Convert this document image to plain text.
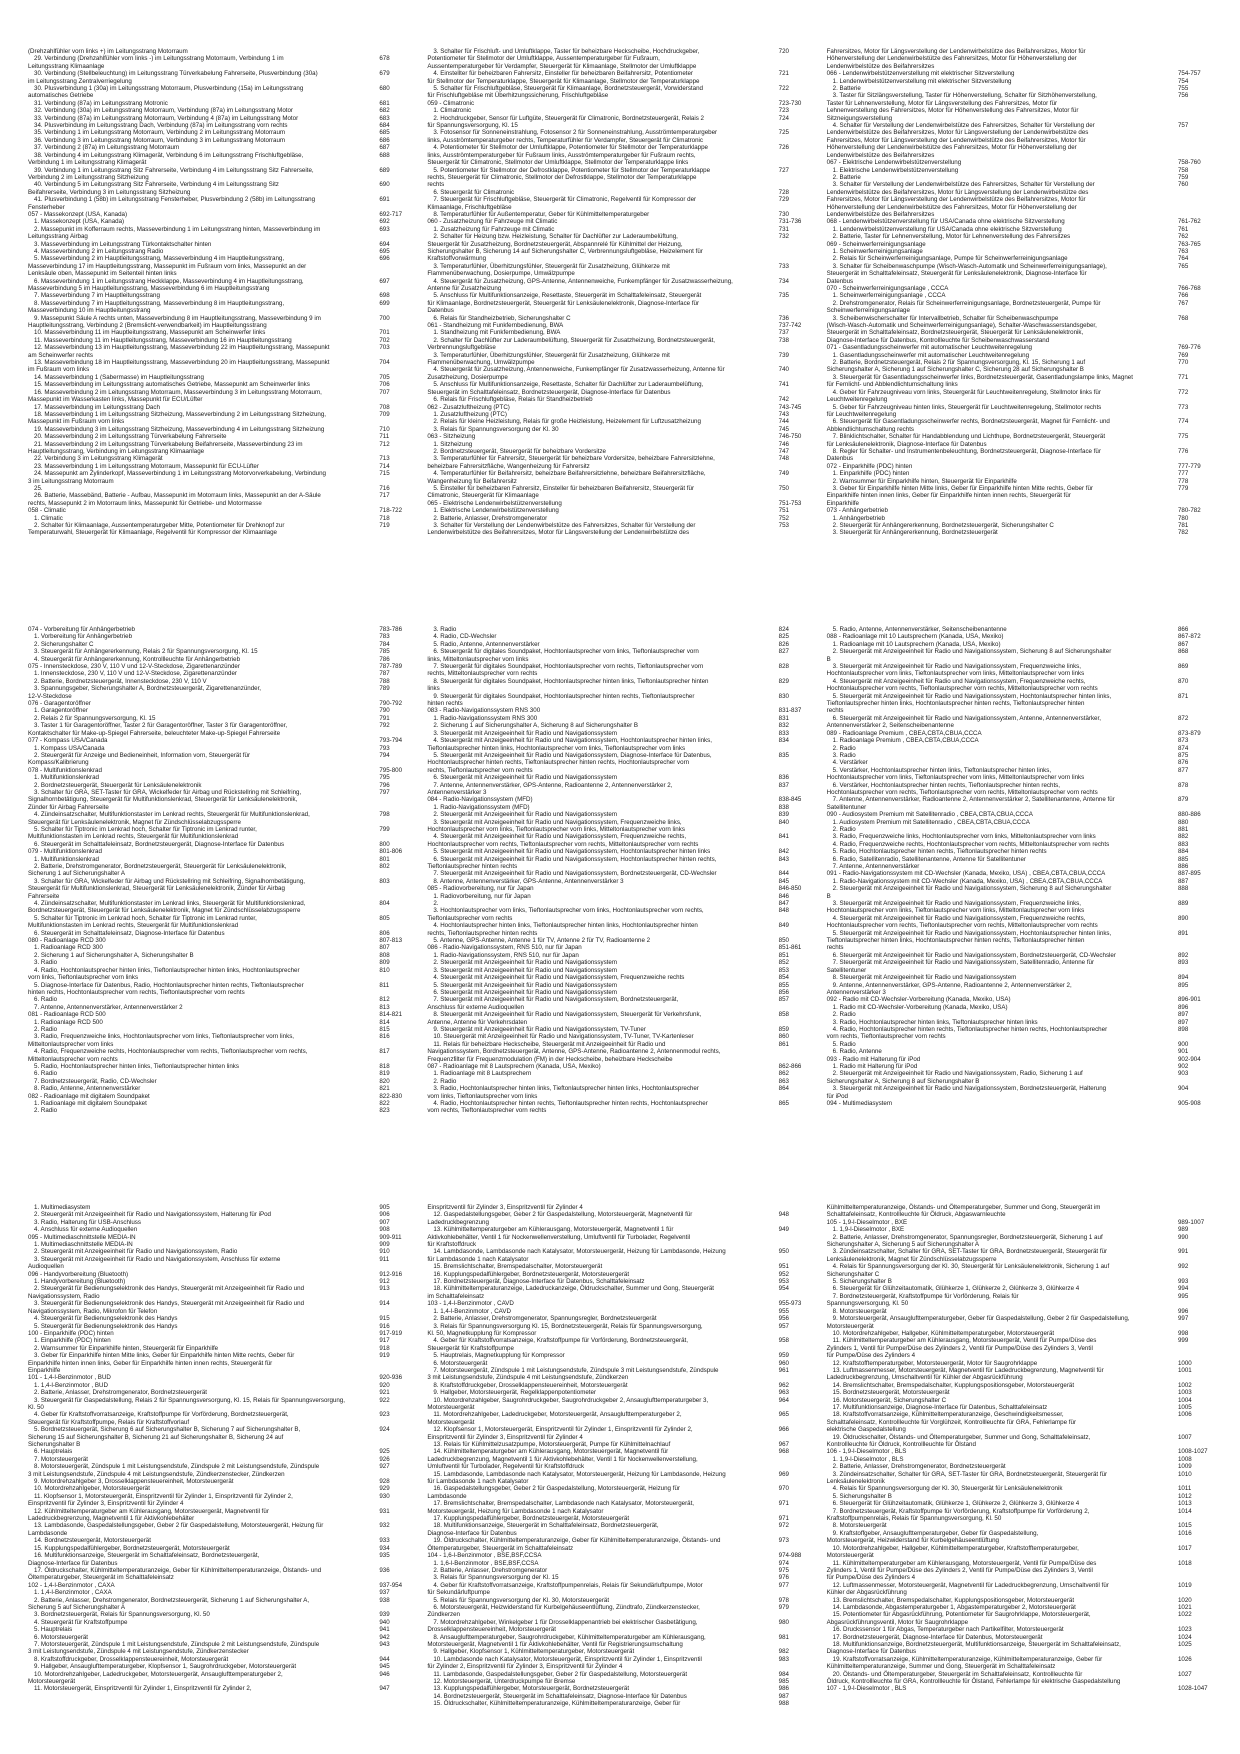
(Drehzahlfühler vorn links +) im Leitungsstrang Motorraum
29. Verbindung (Drehzahlfühler vorn links -) im Leitungsstrang Motorraum, Verbindung 1 im	678
Leitungsstrang Klimaanlage
30. Verbindung (Stellbeleuchtung) im Leitungsstrang Türverkabelung Fahrerseite, Plusverbindung (30a)	679
im Leitungsstrang Zentralverriegelung
30. Plusverbindung 1 (30a) im Leitungsstrang Motorraum, Plusverbindung (15a) im Leitungsstrang	680
automatisches Getriebe
31. Verbindung (87a) im Leitungsstrang Motronic	681
32. Verbindung (30a) im Leitungsstrang Motorraum, Verbindung (87a) im Leitungsstrang Motor	682
33. Verbindung (87a) im Leitungsstrang Motorraum, Verbindung 4 (87a) im Leitungsstrang Motor	683
34. Plusverbindung im Leitungsstrang Dach, Verbindung (87a) im Leitungsstrang vorn rechts	684
35. Verbindung 1 im Leitungsstrang Motorraum, Verbindung 2 im Leitungsstrang Motorraum	685
36. Verbindung 3 im Leitungsstrang Motorraum, Verbindung 3 im Leitungsstrang Motorraum	686
37. Verbindung 2 (87a) im Leitungsstrang Motorraum	687
38. Verbindung 4 im Leitungsstrang Klimagerät, Verbindung 6 im Leitungsstrang Frischluftgebläse,	688
Verbindung 1 im Leitungsstrang Klimagerät
39. Verbindung 1 im Leitungsstrang Sitz Fahrerseite, Verbindung 4 im Leitungsstrang Sitz Fahrerseite,	689
Verbindung 2 im Leitungsstrang Sitzheizung
40. Verbindung 5 im Leitungsstrang Sitz Fahrerseite, Verbindung 4 im Leitungsstrang Sitz	690
Beifahrerseite, Verbindung 3 im Leitungsstrang Sitzheizung
41. Plusverbindung 1 (58b) im Leitungsstrang Fensterheber, Plusverbindung 2 (58b) im Leitungsstrang	691
Fensterheber
057 - Massekonzept (USA, Kanada)	692-717
1. Massekonzept (USA, Kanada)	692
2. Massepunkt im Kofferraum rechts, Masseverbindung 1 im Leitungsstrang hinten, Masseverbindung im	693
Leitungsstrang Airbag
3. Masseverbindung im Leitungsstrang Türkontaktschalter hinten	694
4. Masseverbindung 2 im Leitungsstrang Radio	695
5. Masseverbindung 2 im Hauptleitungsstrang, Masseverbindung 4 im Hauptleitungsstrang,	696
Masseverbindung 17 im Hauptleitungsstrang, Massepunkt im Fußraum vorn links, Massepunkt an der
Lenksäule oben, Massepunkt im Seitenteil hinten links
6. Masseverbindung 1 im Leitungsstrang Heckklappe, Masseverbindung 4 im Hauptleitungsstrang,	697
Masseverbindung 5 im Hauptleitungsstrang, Masseverbindung 6 im Hauptleitungsstrang
7. Masseverbindung 7 im Hauptleitungsstrang	698
8. Masseverbindung 7 im Hauptleitungsstrang, Masseverbindung 8 im Hauptleitungsstrang,	699
Masseverbindung 10 im Hauptleitungsstrang
9. Massepunkt Säule A rechts unten, Masseverbindung 8 im Hauptleitungsstrang, Masseverbindung 9 im	700
Hauptleitungsstrang, Verbindung 2 (Bremslicht-verwendbarkeit) im Hauptleitungsstrang
10. Masseverbindung 11 im Hauptleitungsstrang, Massepunkt am Scheinwerfer links	701
11. Masseverbindung 11 im Hauptleitungsstrang, Masseverbindung 16 im Hauptleitungsstrang	702
12. Masseverbindung 13 im Hauptleitungsstrang, Masseverbindung 22 im Hauptleitungsstrang, Massepunkt	703
am Scheinwerfer rechts
13. Masseverbindung 18 im Hauptleitungsstrang, Masseverbindung 20 im Hauptleitungsstrang, Massepunkt	704
im Fußraum vorn links
14. Masseverbindung 1 (Sabermasse) im Hauptleitungsstrang	705
15. Masseverbindung im Leitungsstrang automatisches Getriebe, Massepunkt am Scheinwerfer links	706
16. Masseverbindung 2 im Leitungsstrang Motorraum, Masseverbindung 3 im Leitungsstrang Motorraum,	707
Massepunkt im Wasserkasten links, Massepunkt für ECU/Lüfter
17. Masseverbindung im Leitungsstrang Dach	708
18. Masseverbindung 1 im Leitungsstrang Sitzheizung, Masseverbindung 2 im Leitungsstrang Sitzheizung,	709
Massepunkt im Fußraum vorn links
19. Masseverbindung 3 im Leitungsstrang Sitzheizung, Masseverbindung 4 im Leitungsstrang Sitzheizung	710
20. Masseverbindung 2 im Leitungsstrang Türverkabelung Fahrerseite	711
21. Masseverbindung 2 im Leitungsstrang Türverkabelung Beifahrerseite, Masseverbindung 23 im	712
Hauptleitungsstrang, Verbindung im Leitungsstrang Klimaanlage
22. Verbindung 3 im Leitungsstrang Klimagerät	713
23. Masseverbindung 1 im Leitungsstrang Motorraum, Massepunkt für ECU-Lüfter	714
24. Massepunkt am Zylinderkopf, Masseverbindung 1 im Leitungsstrang Motorvorverkabelung, Verbindung	715
3 im Leitungsstrang Motorraum
25.	716
26. Batterie, Massebänd, Batterie - Aufbau, Massepunkt im Motorraum links, Massepunkt an der A-Säule	717
rechts, Massepunkt 2 im Motorraum links, Massepunkt für Getriebe- und Motormasse
058 - Climatic	718-722
1. Climatic	718
2. Schalter für Klimaanlage, Aussentemperaturgeber Mitte, Potentiometer für Drehknopf zur	719
Temperaturwahl, Steuergerät für Klimaanlage, Regelventil für Kompressor der Klimaanlage
3. Schalter für Frischluft- und Umluftklappe, Taster für beheizbare Heckscheibe, Hochdruckgeber,	720
Potentiometer für Stellmotor der Umluftklappe, Aussentemperaturgeber für Fußraum,
Aussentemperaturgeber für Verdampfer, Steuergerät für Klimaanlage, Stellmotor der Umluftklappe
4. Einstellter für beheizbaren Fahrersitz, Einsteller für beheizbaren Beifahrersitz, Potentiometer	721
für Stellmotor der Temperaturklappe, Steuergerät für Klimaanlage, Stellmotor der Temperaturklappe
5. Schalter für Frischluftgebläse, Steuergerät für Klimaanlage, Bordnetzsteuergerät, Vorwiderstand	722
für Frischluftgebläse mit Überhitzungssicherung, Frischluftgebläse
059 - Climatronic	723-730
1. Climatronic	723
2. Hochdruckgeber, Sensor für Luftgüte, Steuergerät für Climatronic, Bordnetzsteuergerät, Relais 2	724
für Spannungsversorgung, Kl. 15
3. Fotosensor für Sonneneinstrahlung, Fotosensor 2 für Sonneneinstrahlung, Ausströmtemperaturgeber	725
links, Ausströmtemperaturgeber rechts, Temperaturfühler für Verdampfer, Steuergerät für Climatronic
4. Potentiometer für Stellmotor der Umluftklappe, Potentiometer für Stellmotor der Temperaturklappe	726
links, Ausströmtemperaturgeber für Fußraum links, Ausströmtemperaturgeber für Fußraum rechts,
Steuergerät für Climatronic, Stellmotor der Umluftklappe, Stellmotor der Temperaturklappe links
5. Potentiometer für Stellmotor der Defrostklappe, Potentiometer für Stellmotor der Temperaturklappe	727
rechts, Steuergerät für Climatronic, Stellmotor der Defrostklappe, Stellmotor der Temperaturklappe
rechts
6. Steuergerät für Climatronic	728
7. Steuergerät für Frischluftgebläse, Steuergerät für Climatronic, Regelventil für Kompressor der	729
Klimaanlage, Frischluftgebläse
8. Temperaturfühler für Außentemperatur, Geber für Kühlmitteltemperaturgeber	730
060 - Zusatzheizung für Fahrzeuge mit Climatic	731-736
1. Zusatzheizung für Fahrzeuge mit Climatic	731
2. Schalter für Heizung bzw. Heizleistung, Schalter für Dachlüfter zur Laderaumbelüftung,	732
Steuergerät für Zusatzheizung, Bordnetzsteuergerät, Abspannrelé für Kühlmittel der Heizung,
Sicherungshalter B, Sicherung 14 auf Sicherungshalter C, Verbrennungsluftgebläse, Heizelement für
Kraftstoffvorwärmung
3. Temperaturfühler, Überhitzungsfühler, Steuergerät für Zusatzheizung, Glühkerze mit	733
Flammenüberwachung, Dosierpumpe, Umwälzpumpe
4. Steuergerät für Zusatzheizung, GPS-Antenne, Antennenweiche, Funkempfänger für Zusatzwasserheizung,	734
Antenne für Zusatzheizung
5. Anschluss für Multifunktionsanzeige, Resettaste, Steuergerät im Schalttafeleinsatz, Steuergerät	735
für Klimaanlage, Bordnetzsteuergerät, Steuergerät für Lenksäulenelektronik, Diagnose-Interface für
Datenbus
6. Relais für Standheizbetrieb, Sicherungshalter C	736
061 - Standheizung mit Funkfernbedienung, BWA	737-742
1. Standheizung mit Funkfernbedienung, BWA	737
2. Schalter für Dachlüfter zur Laderaumbelüftung, Steuergerät für Zusatzheizung, Bordnetzsteuergerät,	738
Verbrennungsluftgebläse
3. Temperaturfühler, Überhitzungsfühler, Steuergerät für Zusatzheizung, Glühkerze mit	739
Flammenüberwachung, Umwälzpumpe
4. Steuergerät für Zusatzheizung, Antennenweiche, Funkempfänger für Zusatzwasserheizung, Antenne für	740
Zusatzheizung, Dosierpumpe
5. Anschluss für Multifunktionsanzeige, Resettaste, Schalter für Dachlüfter zur Laderaumbelüftung,	741
Steuergerät im Schalttafeleinsatz, Bordnetzsteuergerät, Diagnose-Interface für Datenbus
6. Relais für Frischluftgebläse, Relais für Standheizbetrieb	742
062 - Zusatzluftheizung (PTC)	743-745
1. Zusatzluftheizung (PTC)	743
2. Relais für kleine Heizleistung, Relais für große Heizleistung, Heizelement für Luftzusatzheizung	744
3. Relais für Spannungsversorgung der Kl. 30	745
063 - Sitzheizung	746-750
1. Sitzheizung	746
2. Bordnetzsteuergerät, Steuergerät für beheizbare Vordersitze	747
3. Temperaturfühler für Fahrersitz, Steuergerät für beheizbare Vordersitze, beheizbare Fahrersitzlehne,	748
beheizbare Fahrersitzfläche, Wangenheizung für Fahrersitz
4. Temperaturfühler für Beifahrersitz, beheizbare Beifahrersitzlehne, beheizbare Beifahrersitzfläche,	749
Wangenheizung für Beifahrersitz
5. Einsteller für beheizbaren Fahrersitz, Einsteller für beheizbaren Beifahrersitz, Steuergerät für	750
Climatronic, Steuergerät für Klimaanlage
065 - Elektrische Lendenwirbelstützenverstellung	751-753
1. Elektrische Lendenwirbelstützenverstellung	751
2. Batterie, Anlasser, Drehstromgenerator	752
3. Schalter für Verstellung der Lendenwirbelstütze des Fahrersitzes, Schalter für Verstellung der	753
Lendenwirbelstütze des Beifahrersitzes, Motor für Längsverstellung der Lendenwirbelstütze des
Fahrersitzes, Motor für Längsverstellung der Lendenwirbelstütze des Beifahrersitzes, Motor für
Höhenverstellung der Lendenwirbelstütze des Fahrersitzes, Motor für Höhenverstellung der
Lendenwirbelstütze des Beifahrersitzes
066 - Lendenwirbelstützenverstellung mit elektrischer Sitzverstellung	754-757
1. Lendenwirbelstützenverstellung mit elektrischer Sitzverstellung	754
2. Batterie	755
3. Taster für Sitzlängsverstellung, Taster für Höhenverstellung, Schalter für Sitzhöhenverstellung,	756
Taster für Lehnenverstellung, Motor für Längsverstellung des Fahrersitzes, Motor für
Lehnenverstellung des Fahrersitzes, Motor für Höhenverstellung des Fahrersitzes, Motor für
Sitzneigungsverstellung
4. Schalter für Verstellung der Lendenwirbelstütze des Fahrersitzes, Schalter für Verstellung der	757
Lendenwirbelstütze des Beifahrersitzes, Motor für Längsverstellung der Lendenwirbelstütze des
Fahrersitzes, Motor für Längsverstellung der Lendenwirbelstütze des Beifahrersitzes, Motor für
Höhenverstellung der Lendenwirbelstütze des Fahrersitzes, Motor für Höhenverstellung der
Lendenwirbelstütze des Beifahrersitzes
067 - Elektrische Lendenwirbelstützenverstellung	758-760
1. Elektrische Lendenwirbelstützenverstellung	758
2. Batterie	759
3. Schalter für Verstellung der Lendenwirbelstütze des Fahrersitzes, Schalter für Verstellung der	760
Lendenwirbelstütze des Beifahrersitzes, Motor für Längsverstellung der Lendenwirbelstütze des
Fahrersitzes, Motor für Längsverstellung der Lendenwirbelstütze des Beifahrersitzes, Motor für
Höhenverstellung der Lendenwirbelstütze des Fahrersitzes, Motor für Höhenverstellung der
Lendenwirbelstütze des Beifahrersitzes
068 - Lendenwirbelstützenverstellung für USA/Canada ohne elektrische Sitzverstellung	761-762
1. Lendenwirbelstützenverstellung für USA/Canada ohne elektrische Sitzverstellung	761
2. Batterie, Taster für Lehnenverstellung, Motor für Lehnenverstellung des Fahrersitzes	762
069 - Scheinwerferreinigungsanlage	763-765
1. Scheinwerferreinigungsanlage	763
2. Relais für Scheinwerferreinigungsanlage, Pumpe für Scheinwerferreinigungsanlage	764
3. Schalter für Scheibenwaschpumpe (Wisch-Wasch-Automatik und Scheinwerferreinigungsanlage),	765
Steuergerät im Schalttafeleinsatz, Steuergerät für Lenksäulenelektronik, Diagnose-Interface für
Datenbus
070 - Scheinwerferreinigungsanlage , CCCA	766-768
1. Scheinwerferreinigungsanlage , CCCA	766
2. Drehstromgenerator, Relais für Scheinwerferreinigungsanlage, Bordnetzsteuergerät, Pumpe für	767
Scheinwerferreinigungsanlage
3. Scheibenwischerschalter für Intervallbetrieb, Schalter für Scheibenwaschpumpe	768
(Wisch-Wasch-Automatik und Scheinwerferreinigungsanlage), Schalter-Waschwasserstandsgeber,
Steuergerät im Schalttafeleinsatz, Bordnetzsteuergerät, Steuergerät für Lenksäulenelektronik,
Diagnose-Interface für Datenbus, Kontrollleuchte für Scheibenwaschwasserstand
071 - Gasentladungsscheinwerfer mit automatischer Leuchtweitenregelung	769-776
1. Gasentladungsscheinwerfer mit automatischer Leuchtweitenregelung	769
2. Batterie, Bordnetzsteuergerät, Relais 2 für Spannungsversorgung, Kl. 15, Sicherung 1 auf	770
Sicherungshalter A, Sicherung 1 auf Sicherungshalter C, Sicherung 28 auf Sicherungshalter B
3. Steuergerät für Gasentladungsscheinwerfer links, Bordnetzsteuergerät, Gasentladungslampe links, Magnet	771
für Fernlicht- und Abblendlichtumschaltung links
4. Geber für Fahrzeugniveau vorn links, Steuergerät für Leuchtweitenregelung, Stellmotor links für	772
Leuchtweitenregelung
5. Geber für Fahrzeugniveau hinten links, Steuergerät für Leuchtweitenregelung, Stellmotor rechts	773
für Leuchtweitenregelung
6. Steuergerät für Gasentladungsscheinwerfer rechts, Bordnetzsteuergerät, Magnet für Fernlicht- und	774
Abblendlichtumschaltung rechts
7. Blinklichtschalter, Schalter für Handabblendung und Lichthupe, Bordnetzsteuergerät, Steuergerät	775
für Lenksäulenelektronik, Diagnose-Interface für Datenbus
8. Regler für Schalter- und Instrumentenbeleuchtung, Bordnetzsteuergerät, Diagnose-Interface für	776
Datenbus
072 - Einparkhilfe (PDC) hinten	777-779
1. Einparkhilfe (PDC) hinten	777
2. Warnsummer für Einparkhilfe hinten, Steuergerät für Einparkhilfe	778
3. Geber für Einparkhilfe hinten Mitte links, Geber für Einparkhilfe hinten Mitte rechts, Geber für	779
Einparkhilfe hinten innen links, Geber für Einparkhilfe hinten innen rechts, Steuergerät für
Einparkhilfe
073 - Anhängerbetrieb	780-782
1. Anhängerbetrieb	780
2. Steuergerät für Anhängererkennung, Bordnetzsteuergerät, Sicherungshalter C	781
3. Steuergerät für Anhängererkennung, Bordnetzsteuergerät	782
074 - Vorbereitung für Anhängerbetrieb	783-786
1. Vorbereitung für Anhängerbetrieb	783
2. Sicherungshalter C	784
3. Steuergerät für Anhängererkennung, Relais 2 für Spannungsversorgung, Kl. 15	785
4. Steuergerät für Anhängererkennung, Kontrollleuchte für Anhängerbetrieb	786
075 - Innensteckdose, 230 V, 110 V und 12-V-Steckdose, Zigarettenanzünder	787-789
1. Innensteckdose, 230 V, 110 V und 12-V-Steckdose, Zigarettenanzünder	787
2. Batterie, Bordnetzsteuergerät, Innensteckdose, 230 V, 110 V	788
3. Spannungsgeber, Sicherungshalter A, Bordnetzsteuergerät, Zigarettenanzünder,	789
12-V-Steckdose
076 - Garagentoröffner	790-792
1. Garagentoröffner	790
2. Relais 2 für Spannungsversorgung, Kl. 15	791
3. Taster 1 für Garagentoröffner, Taster 2 für Garagentoröffner, Taster 3 für Garagentoröffner,	792
Kontaktschalter für Make-up-Spiegel Fahrerseite, beleuchteter Make-up-Spiegel Fahrerseite
077 - Kompass USA/Canada	793-794
1. Kompass USA/Canada	793
2. Steuergerät für Anzeige und Bedieneinheit, Information vorn, Steuergerät für	794
Kompass/Kalibrierung
078 - Multifunktionslenkrad	795-800
1. Multifunktionslenkrad	795
2. Bordnetzsteuergerät, Steuergerät für Lenksäulenelektronik	796
3. Schalter für GRA, SET-Taster für GRA, Wickelfeder für Airbag und Rückstellring mit Schleifring,	797
Signalhornbetätigung, Steuergerät für Multifunktionslenkrad, Steuergerät für Lenksäulenelektronik,
Zünder für Airbag Fahrerseite
4. Zündeinsatzschalter, Multifunktionstaster im Lenkrad rechts, Steuergerät für Multifunktionslenkrad,	798
Steuergerät für Lenksäulenelektronik, Magnet für Zündschlüsselabzugssperre
5. Schalter für Tiptronic im Lenkrad hoch, Schalter für Tiptronic im Lenkrad runter,	799
Multifunktionstasten im Lenkrad rechts, Steuergerät für Multifunktionslenkrad
6. Steuergerät im Schalttafeleinsatz, Bordnetzsteuergerät, Diagnose-Interface für Datenbus	800
079 - Multifunktionslenkrad	801-806
1. Multifunktionslenkrad	801
2. Batterie, Drehstromgenerator, Bordnetzsteuergerät, Steuergerät für Lenksäulenelektronik,	802
Sicherung 1 auf Sicherungshalter A
3. Schalter für GRA, Wickelfeder für Airbag und Rückstellring mit Schleifring, Signalhornbetätigung,	803
Steuergerät für Multifunktionslenkrad, Steuergerät für Lenksäulenelektronik, Zünder für Airbag
Fahrerseite
4. Zündeinsatzschalter, Multifunktionstaster im Lenkrad links, Steuergerät für Multifunktionslenkrad,	804
Bordnetzsteuergerät, Steuergerät für Lenksäulenelektronik, Magnet für Zündschlüsselabzugssperre
5. Schalter für Tiptronic im Lenkrad hoch, Schalter für Tiptronic im Lenkrad runter,	805
Multifunktionstasten im Lenkrad rechts, Steuergerät für Multifunktionslenkrad
6. Steuergerät im Schalttafeleinsatz, Diagnose-Interface für Datenbus	806
080 - Radioanlage RCD 300	807-813
1. Radioanlage RCD 300	807
2. Sicherung 1 auf Sicherungshalter A, Sicherungshalter B	808
3. Radio	809
4. Radio, Hochtonlautsprecher hinten links, Tieftonlautsprecher hinten links, Hochtonlautsprecher	810
vorn links, Tieftonlautsprecher vorn links
5. Diagnose-Interface für Datenbus, Radio, Hochtonlautsprecher hinten rechts, Tieftonlautsprecher	811
hinten rechts, Hochtonlautsprecher vorn rechts, Tieftonlautsprecher vorn rechts
6. Radio	812
7. Antenne, Antennenverstärker, Antennenverstärker 2	813
081 - Radioanlage RCD 500	814-821
1. Radioanlage RCD 500	814
2. Radio	815
3. Radio, Frequenzweiche links, Hochtonlautsprecher vorn links, Tieftonlautsprecher vorn links,	816
Mitteltonlautsprecher vorn links
4. Radio, Frequenzweiche rechts, Hochtonlautsprecher vorn rechts, Tieftonlautsprecher vorn rechts,	817
Mitteltonlautsprecher vorn rechts
5. Radio, Hochtonlautsprecher hinten links, Tieftonlautsprecher hinten links	818
6. Radio	819
7. Bordnetzsteuergerät, Radio, CD-Wechsler	820
8. Radio, Antenne, Antennenverstärker	821
082 - Radioanlage mit digitalem Soundpaket	822-830
1. Radioanlage mit digitalem Soundpaket	822
2. Radio	823
3. Radio	824
4. Radio, CD-Wechsler	825
5. Radio, Antenne, Antennenverstärker	826
6. Steuergerät für digitales Soundpaket, Hochtonlautsprecher vorn links, Tieftonlautsprecher vorn	827
links, Mitteltonlautsprecher vorn links
7. Steuergerät für digitales Soundpaket, Hochtonlautsprecher vorn rechts, Tieftonlautsprecher vorn	828
rechts, Mitteltonlautsprecher vorn rechts
8. Steuergerät für digitales Soundpaket, Hochtonlautsprecher hinten links, Tieftonlautsprecher hinten	829
links
9. Steuergerät für digitales Soundpaket, Hochtonlautsprecher hinten rechts, Tieftonlautsprecher	830
hinten rechts
083 - Radio-Navigationssystem RNS 300	831-837
1. Radio-Navigationssystem RNS 300	831
2. Sicherung 1 auf Sicherungshalter A, Sicherung 8 auf Sicherungshalter B	832
3. Steuergerät mit Anzeigeeinheit für Radio und Navigationssystem	833
4. Steuergerät mit Anzeigeeinheit für Radio und Navigationssystem, Hochtonlautsprecher hinten links,	834
Tieftonlautsprecher hinten links, Hochtonlautsprecher vorn links, Tieftonlautsprecher vorn links
5. Steuergerät mit Anzeigeeinheit für Radio und Navigationssystem, Diagnose-Interface für Datenbus,	835
Hochtonlautsprecher hinten rechts, Tieftonlautsprecher hinten rechts, Hochtonlautsprecher vorn
rechts, Tieftonlautsprecher vorn rechts
6. Steuergerät mit Anzeigeeinheit für Radio und Navigationssystem	836
7. Antenne, Antennenverstärker, GPS-Antenne, Radioantenne 2, Antennenverstärker 2,	837
Antennenverstärker 3
084 - Radio-Navigationssystem (MFD)	838-845
1. Radio-Navigationssystem (MFD)	838
2. Steuergerät mit Anzeigeeinheit für Radio und Navigationssystem	839
3. Steuergerät mit Anzeigeeinheit für Radio und Navigationssystem, Frequenzweiche links,	840
Hochtonlautsprecher vorn links, Tieftonlautsprecher vorn links, Mitteltonlautsprecher vorn links
4. Steuergerät mit Anzeigeeinheit für Radio und Navigationssystem, Frequenzweiche rechts,	841
Hochtonlautsprecher vorn rechts, Tieftonlautsprecher vorn rechts, Mitteltonlautsprecher vorn rechts
5. Steuergerät mit Anzeigeeinheit für Radio und Navigationssystem, Hochtonlautsprecher hinten links	842
6. Steuergerät mit Anzeigeeinheit für Radio und Navigationssystem, Hochtonlautsprecher hinten rechts,	843
Tieftonlautsprecher hinten rechts
7. Steuergerät mit Anzeigeeinheit für Radio und Navigationssystem, Bordnetzsteuergerät, CD-Wechsler	844
8. Antenne, Antennenverstärker, GPS-Antenne, Antennenverstärker 3	845
085 - Radiovorbereitung, nur für Japan	846-850
1. Radiovorbereitung, nur für Japan	846
2.	847
3. Hochtonlautsprecher vorn links, Tieftonlautsprecher vorn links, Hochtonlautsprecher vorn rechts,	848
Tieftonlautsprecher vorn rechts
4. Hochtonlautsprecher hinten links, Tieftonlautsprecher hinten links, Hochtonlautsprecher hinten	849
rechts, Tieftonlautsprecher hinten rechts
5. Antenne, GPS-Antenne, Antenne 1 für TV, Antenne 2 für TV, Radioantenne 2	850
086 - Radio-Navigationssystem, RNS 510, nur für Japan	851-861
1. Radio-Navigationssystem, RNS 510, nur für Japan	851
2. Steuergerät mit Anzeigeeinheit für Radio und Navigationssystem	852
3. Steuergerät mit Anzeigeeinheit für Radio und Navigationssystem	853
4. Steuergerät mit Anzeigeeinheit für Radio und Navigationssystem, Frequenzweiche rechts	854
5. Steuergerät mit Anzeigeeinheit für Radio und Navigationssystem	855
6. Steuergerät mit Anzeigeeinheit für Radio und Navigationssystem	856
7. Steuergerät mit Anzeigeeinheit für Radio und Navigationssystem, Bordnetzsteuergerät,	857
Anschluss für externe Audioquellen
8. Steuergerät mit Anzeigeeinheit für Radio und Navigationssystem, Steuergerät für Verkehrsfunk,	858
Antenne, Antenne für Verkehrsdaten
9. Steuergerät mit Anzeigeeinheit für Radio und Navigationssystem, TV-Tuner	859
10. Steuergerät mit Anzeigeeinheit für Radio und Navigationssystem, TV-Tuner, TV-Kartenleser	860
11. Relais für beheizbare Heckscheibe, Steuergerät mit Anzeigeeinheit für Radio und	861
Navigationssystem, Bordnetzsteuergerät, Antenne, GPS-Antenne, Radioantenne 2, Antennenmodul rechts,
Frequenzfilter für Frequenzmodulation (FM) in der Heckscheibe, beheizbare Heckscheibe
087 - Radioanlage mit 8 Lautsprechern (Kanada, USA, Mexiko)	862-866
1. Radioanlage mit 8 Lautsprechern	862
2. Radio	863
3. Radio, Hochtonlautsprecher hinten links, Tieftonlautsprecher hinten links, Hochtonlautsprecher	864
vorn links, Tieftonlautsprecher vorn links
4. Radio, Hochtonlautsprecher hinten rechts, Tieftonlautsprecher hinten rechts, Hochtonlautsprecher	865
vorn rechts, Tieftonlautsprecher vorn rechts
5. Radio, Antenne, Antennenverstärker, Seitenscheibenantenne	866
088 - Radioanlage mit 10 Lautsprechern (Kanada, USA, Mexiko)	867-872
1. Radioanlage mit 10 Lautsprechern (Kanada, USA, Mexiko)	867
2. Steuergerät mit Anzeigeeinheit für Radio und Navigationssystem, Sicherung 8 auf Sicherungshalter	868
B
3. Steuergerät mit Anzeigeeinheit für Radio und Navigationssystem, Frequenzweiche links,	869
Hochtonlautsprecher vorn links, Tieftonlautsprecher vorn links, Mitteltonlautsprecher vorn links
4. Steuergerät mit Anzeigeeinheit für Radio und Navigationssystem, Frequenzweiche rechts,	870
Hochtonlautsprecher vorn rechts, Tieftonlautsprecher vorn rechts, Mitteltonlautsprecher vorn rechts
5. Steuergerät mit Anzeigeeinheit für Radio und Navigationssystem, Hochtonlautsprecher hinten links,	871
Tieftonlautsprecher hinten links, Hochtonlautsprecher hinten rechts, Tieftonlautsprecher hinten
rechts
6. Steuergerät mit Anzeigeeinheit für Radio und Navigationssystem, Antenne, Antennenverstärker,	872
Antennenverstärker 2, Seitenscheibenantenne
089 - Radioanlage Premium , CBEA,CBTA,CBUA,CCCA	873-879
1. Radioanlage Premium , CBEA,CBTA,CBUA,CCCA	873
2. Radio	874
3. Radio	875
4. Verstärker	876
5. Verstärker, Hochtonlautsprecher hinten links, Tieftonlautsprecher hinten links,	877
Hochtonlautsprecher vorn links, Tieftonlautsprecher vorn links, Mitteltonlautsprecher vorn links
6. Verstärker, Hochtonlautsprecher hinten rechts, Tieftonlautsprecher hinten rechts,	878
Hochtonlautsprecher vorn rechts, Tieftonlautsprecher vorn rechts, Mitteltonlautsprecher vorn rechts
7. Antenne, Antennenverstärker, Radioantenne 2, Antennenverstärker 2, Satellitenantenne, Antenne für	879
Satellitentuner
090 - Audiosystem Premium mit Satellitenradio , CBEA,CBTA,CBUA,CCCA	880-886
1. Audiosystem Premium mit Satellitenradio , CBEA,CBTA,CBUA,CCCA	880
2. Radio	881
3. Radio, Frequenzweiche links, Hochtonlautsprecher vorn links, Mitteltonlautsprecher vorn links	882
4. Radio, Frequenzweiche rechts, Hochtonlautsprecher vorn rechts, Mitteltonlautsprecher vorn rechts	883
5. Radio, Hochtonlautsprecher hinten rechts, Tieftonlautsprecher hinten rechts	884
6. Radio, Satellitenradio, Satellitenantenne, Antenne für Satellitentuner	885
7. Antenne, Antennenverstärker	886
091 - Radio-Navigationssystem mit CD-Wechsler (Kanada, Mexiko, USA) , CBEA,CBTA,CBUA,CCCA	887-895
1. Radio-Navigationssystem mit CD-Wechsler (Kanada, Mexiko, USA) , CBEA,CBTA,CBUA,CCCA	887
2. Steuergerät mit Anzeigeeinheit für Radio und Navigationssystem, Sicherung 8 auf Sicherungshalter	888
B
3. Steuergerät mit Anzeigeeinheit für Radio und Navigationssystem, Frequenzweiche links,	889
Hochtonlautsprecher vorn links, Tieftonlautsprecher vorn links, Mitteltonlautsprecher vorn links
4. Steuergerät mit Anzeigeeinheit für Radio und Navigationssystem, Frequenzweiche rechts,	890
Hochtonlautsprecher vorn rechts, Tieftonlautsprecher vorn rechts, Mitteltonlautsprecher vorn rechts
5. Steuergerät mit Anzeigeeinheit für Radio und Navigationssystem, Hochtonlautsprecher hinten links,	891
Tieftonlautsprecher hinten links, Hochtonlautsprecher hinten rechts, Tieftonlautsprecher hinten
rechts
6. Steuergerät mit Anzeigeeinheit für Radio und Navigationssystem, Bordnetzsteuergerät, CD-Wechsler	892
7. Steuergerät mit Anzeigeeinheit für Radio und Navigationssystem, Satellitenradio, Antenne für	893
Satellitentuner
8. Steuergerät mit Anzeigeeinheit für Radio und Navigationssystem	894
9. Antenne, Antennenverstärker, GPS-Antenne, Radioantenne 2, Antennenverstärker 2,	895
Antennenverstärker 3
092 - Radio mit CD-Wechsler-Vorbereitung (Kanada, Mexiko, USA)	896-901
1. Radio mit CD-Wechsler-Vorbereitung (Kanada, Mexiko, USA)	896
2. Radio	897
3. Radio, Hochtonlautsprecher hinten links, Tieftonlautsprecher hinten links	897
4. Radio, Hochtonlautsprecher hinten rechts, Tieftonlautsprecher hinten rechts, Hochtonlautsprecher	898
vorn rechts, Tieftonlautsprecher vorn rechts
5. Radio	900
6. Radio, Antenne	901
093 - Radio mit Halterung für iPod	902-904
1. Radio mit Halterung für iPod	902
2. Steuergerät mit Anzeigeeinheit für Radio und Navigationssystem, Radio, Sicherung 1 auf	903
Sicherungshalter A, Sicherung 8 auf Sicherungshalter B
3. Steuergerät mit Anzeigeeinheit für Radio und Navigationssystem, Bordnetzsteuergerät, Halterung	904
für iPod
094 - Multimediasystem	905-908
1. Multimediasystem	905
2. Steuergerät mit Anzeigeeinheit für Radio und Navigationssystem, Halterung für iPod	906
3. Radio, Halterung für USB-Anschluss	907
4. Anschluss für externe Audioquellen	908
095 - Multimediaschnittstelle MEDIA-IN	909-911
1. Multimediaschnittstelle MEDIA-IN	909
2. Steuergerät mit Anzeigeeinheit für Radio und Navigationssystem, Radio	910
3. Steuergerät mit Anzeigeeinheit für Radio und Navigationssystem, Anschluss für externe	911
Audioquellen
096 - Handyvorbereitung (Bluetooth)	912-916
1. Handyvorbereitung (Bluetooth)	912
2. Steuergerät für Bedienungselektronik des Handys, Steuergerät mit Anzeigeeinheit für Radio und	913
Navigationssystem, Radio
3. Steuergerät für Bedienungselektronik des Handys, Steuergerät mit Anzeigeeinheit für Radio und	914
Navigationssystem, Radio, Mikrofon für Telefon
4. Steuergerät für Bedienungselektronik des Handys	915
5. Steuergerät für Bedienungselektronik des Handys	916
100 - Einparkhilfe (PDC) hinten	917-919
1. Einparkhilfe (PDC) hinten	917
2. Warnsummer für Einparkhilfe hinten, Steuergerät für Einparkhilfe	918
3. Geber für Einparkhilfe hinten Mitte links, Geber für Einparkhilfe hinten Mitte rechts, Geber für	919
Einparkhilfe hinten innen links, Geber für Einparkhilfe hinten innen rechts, Steuergerät für
Einparkhilfe
101 - 1,4-l-Benzinmotor , BUD	920-936
1. 1,4-l-Benzinmotor , BUD	920
2. Batterie, Anlasser, Drehstromgenerator, Bordnetzsteuergerät	921
3. Steuergerät für Gaspedalstellung, Relais 2 für Spannungsversorgung, Kl. 15, Relais für Spannungsversorgung,	922
Kl. 50
4. Geber für Kraftstoffvorratsanzeige, Kraftstoffpumpe für Vorförderung, Bordnetzsteuergerät,	923
Steuergerät für Kraftstoffpumpe, Relais für Kraftstoffvorlauf
5. Bordnetzsteuergerät, Sicherung 6 auf Sicherungshalter B, Sicherung 7 auf Sicherungshalter B,	924
Sicherung 15 auf Sicherungshalter B, Sicherung 21 auf Sicherungshalter B, Sicherung 24 auf
Sicherungshalter B
6. Hauptrelais	925
7. Motorsteuergerät	926
8. Motorsteuergerät, Zündspule 1 mit Leistungsendstufe, Zündspule 2 mit Leistungsendstufe, Zündspule	927
3 mit Leistungsendstufe, Zündspule 4 mit Leistungsendstufe, Zündkerzenstecker, Zündkerzen
9. Motordrehzahlgeber 3, Drosselklappensteuereinheit, Motorsteuergerät	928
10. Motordrehzahlgeber, Motorsteuergerät	929
11. Klopfsensor 1, Motorsteuergerät, Einspritzventil für Zylinder 1, Einspritzventil für Zylinder 2,	930
Einspritzventil für Zylinder 3, Einspritzventil für Zylinder 4
12. Kühlmitteltemperaturgeber am Kühlerausgang, Motorsteuergerät, Magnetventil für	931
Ladedruckbegrenzung, Magnetventil 1 für Aktivkohlebehälter
13. Lambdasonde, Gaspedalstellungsgeber, Geber 2 für Gaspedalstellung, Motorsteuergerät, Heizung für	932
Lambdasonde
14. Bordnetzsteuergerät, Motorsteuergerät	933
15. Kupplungspedalfühlergeber, Bordnetzsteuergerät, Motorsteuergerät	934
16. Multifunktionsanzeige, Steuergerät im Schalttafeleinsatz, Bordnetzsteuergerät,	935
Diagnose-Interface für Datenbus
17. Öldruckschalter, Kühlmitteltemperaturanzeige, Geber für Kühlmitteltemperaturanzeige, Ölstands- und	936
Öltemperaturgeber, Steuergerät im Schalttafeleinsatz
102 - 1,4-l-Benzinmotor , CAXA	937-954
1. 1,4-l-Benzinmotor , CAXA	937
2. Batterie, Anlasser, Drehstromgenerator, Bordnetzsteuergerät, Sicherung 1 auf Sicherungshalter A,	938
Sicherung 5 auf Sicherungshalter A
3. Bordnetzsteuergerät, Relais für Spannungsversorgung, Kl. 50	939
4. Steuergerät für Kraftstoffpumpe	940
5. Hauptrelais	941
6. Motorsteuergerät	942
7. Motorsteuergerät, Zündspule 1 mit Leistungsendstufe, Zündspule 2 mit Leistungsendstufe, Zündspule	943
3 mit Leistungsendstufe, Zündspule 4 mit Leistungsendstufe, Zündkerzenstecker
8. Kraftstoffdruckgeber, Drosselklappensteuereinheit, Motorsteuergerät	944
9. Hallgeber, Ansauglufttemperaturgeber, Klopfsensor 1, Saugrohrdruckgeber, Motorsteuergerät	945
10. Motordrehzahlgeber, Ladedruckgeber, Motorsteuergerät, Ansauglufttemperaturgeber 2,	946
Motorsteuergerät
11. Motorsteuergerät, Einspritzventil für Zylinder 1, Einspritzventil für Zylinder 2,	947
Einspritzventil für Zylinder 3, Einspritzventil für Zylinder 4
12. Gaspedalstellungsgeber, Geber 2 für Gaspedalstellung, Motorsteuergerät, Magnetventil für	948
Ladedruckbegrenzung
13. Kühlmitteltemperaturgeber am Kühlerausgang, Motorsteuergerät, Magnetventil 1 für	949
Aktivkohlebehälter, Ventil 1 für Nockenwellenverstellung, Umluftventil für Turbolader, Regelventil
für Kraftstoffdruck
14. Lambdasonde, Lambdasonde nach Katalysator, Motorsteuergerät, Heizung für Lambdasonde, Heizung	950
für Lambdasonde 1 nach Katalysator
15. Bremslichtschalter, Bremspedalschalter, Motorsteuergerät	951
16. Kupplungspedalfühlergeber, Bordnetzsteuergerät, Motorsteuergerät	952
17. Bordnetzsteuergerät, Diagnose-Interface für Datenbus, Schalttafeleinsatz	953
18. Kühlmitteltemperaturanzeige, Ladedruckanzeige, Öldruckschalter, Summer und Gong, Steuergerät	954
im Schalttafeleinsatz
103 - 1,4-l-Benzinmotor , CAVD	955-973
1. 1,4-l-Benzinmotor , CAVD	955
2. Batterie, Anlasser, Drehstromgenerator, Spannungsregler, Bordnetzsteuergerät	956
3. Relais für Spannungsversorgung Kl. 15, Bordnetzsteuergerät, Relais für Spannungsversorgung,	957
Kl. 50, Magnetkupplung für Kompressor
4. Geber für Kraftstoffvorratsanzeige, Kraftstoffpumpe für Vorförderung, Bordnetzsteuergerät,	958
Steuergerät für Kraftstoffpumpe
5. Hauptrelais, Magnetkupplung für Kompressor	959
6. Motorsteuergerät	960
7. Motorsteuergerät, Zündspule 1 mit Leistungsendstufe, Zündspule 3 mit Leistungsendstufe, Zündspule	961
3 mit Leistungsendstufe, Zündspule 4 mit Leistungsendstufe, Zündkerzen
8. Kraftstoffdruckgeber, Drosselklappensteuereinheit, Motorsteuergerät	962
9. Hallgeber, Motorsteuergerät, Regelklappenpotentiometer	963
10. Motordrehzahlgeber, Saugrohrdruckgeber, Saugrohrdruckgeber 2, Ansauglufttemperaturgeber 3,	964
Motorsteuergerät
11. Motordrehzahlgeber, Ladedruckgeber, Motorsteuergerät, Ansauglufttemperaturgeber 2,	965
Motorsteuergerät
12. Klopfsensor 1, Motorsteuergerät, Einspritzventil für Zylinder 1, Einspritzventil für Zylinder 2,	966
Einspritzventil für Zylinder 3, Einspritzventil für Zylinder 4
13. Relais für Kühlmittelzusatzpumpe, Motorsteuergerät, Pumpe für Kühlmittelnachlauf	967
14. Kühlmitteltemperaturgeber am Kühlerausgang, Motorsteuergerät, Magnetventil für	968
Ladedruckbegrenzung, Magnetventil 1 für Aktivkohlebehälter, Ventil 1 für Nockenwellenverstellung,
Umluftventil für Turbolader, Regelventil für Kraftstoffdruck
15. Lambdasonde, Lambdasonde nach Katalysator, Motorsteuergerät, Heizung für Lambdasonde, Heizung	969
für Lambdasonde 1 nach Katalysator
16. Gaspedalstellungsgeber, Geber 2 für Gaspedalstellung, Motorsteuergerät, Heizung für	970
Lambdasonde
17. Bremslichtschalter, Bremspedalschalter, Lambdasonde nach Katalysator, Motorsteuergerät,	971
Motorsteuergerät, Heizung für Lambdasonde 1 nach Katalysator
17. Kupplungspedalfühlergeber, Bordnetzsteuergerät, Motorsteuergerät	971
18. Multifunktionsanzeige, Steuergerät im Schalttafeleinsatz, Bordnetzsteuergerät,	972
Diagnose-Interface für Datenbus
19. Öldruckschalter, Kühlmitteltemperaturanzeige, Geber für Kühlmitteltemperaturanzeige, Ölstands- und	973
Öltemperaturgeber, Steuergerät im Schalttafeleinsatz
104 - 1,6-l-Benzinmotor , BSE,BSF,CCSA	974-988
1. 1,6-l-Benzinmotor , BSE,BSF,CCSA	974
2. Batterie, Anlasser, Drehstromgenerator	975
3. Relais für Spannungsversorgung der Kl. 15	976
4. Geber für Kraftstoffvorratsanzeige, Kraftstoffpumpenrelais, Relais für Sekundärluftpumpe, Motor	977
für Sekundärluftpumpe
5. Relais für Spannungsversorgung der Kl. 30, Motorsteuergerät	978
6. Motorsteuergerät, Heizwiderstand für Kurbelgehäuseentlüftung, Zündtrafo, Zündkerzenstecker,	979
Zündkerzen
7. Motordrehzahlgeber, Winkelgeber 1 für Drosselklappenantrieb bei elektrischer Gasbetätigung,	980
Drosselklappensteuereinheit, Motorsteuergerät
8. Ansauglufttemperaturgeber, Saugrohrdruckgeber, Kühlmitteltemperaturgeber am Kühlerausgang,	981
Motorsteuergerät, Magnetventil 1 für Aktivkohlebehälter, Ventil für Registrierungsumschaltung
9. Hallgeber, Klopfsensor 1, Kühlmitteltemperaturgeber, Motorsteuergerät	982
10. Lambdasonde nach Katalysator, Motorsteuergerät, Einspritzventil für Zylinder 1, Einspritzventil	983
für Zylinder 2, Einspritzventil für Zylinder 3, Einspritzventil für Zylinder 4
11. Lambdasonde, Gaspedalstellungsgeber, Geber 2 für Gaspedalstellung, Motorsteuergerät	984
12. Motorsteuergerät, Unterdruckpumpe für Bremse	985
13. Kupplungspedalfühlergeber, Motorsteuergerät, Bordnetzsteuergerät	986
14. Bordnetzsteuergerät, Steuergerät im Schalttafeleinsatz, Diagnose-Interface für Datenbus	987
15. Öldruckschalter, Kühlmitteltemperaturanzeige, Kühlmitteltemperaturanzeige, Geber für	988
Kühlmitteltemperaturanzeige, Ölstands- und Öltemperaturgeber, Summer und Gong, Steuergerät im
Schalttafeleinsatz, Kontrollleuchte für Öldruck, Abgaswarnleuchte
105 - 1,9-l-Dieselmotor , BXE	989-1007
1. 1,9-l-Dieselmotor , BXE	989
2. Batterie, Anlasser, Drehstromgenerator, Spannungsregler, Bordnetzsteuergerät, Sicherung 1 auf	990
Sicherungshalter A, Sicherung 5 auf Sicherungshalter A
3. Zündeinsatzschalter, Schalter für GRA, SET-Taster für GRA, Bordnetzsteuergerät, Steuergerät für	991
Lenksäulenelektronik, Magnet für Zündschlüsselabzugssperre
4. Relais für Spannungsversorgung der Kl. 30, Steuergerät für Lenksäulenelektronik, Sicherung 1 auf	992
Sicherungshalter C
5. Sicherungshalter B	993
6. Steuergerät für Glühzeitautomatik, Glühkerze 1, Glühkerze 2, Glühkerze 3, Glühkerze 4	994
7. Bordnetzsteuergerät, Kraftstoffpumpe für Vorförderung, Relais für	995
Spannungsversorgung, Kl. 50
8. Motorsteuergerät	996
9. Motorsteuergerät, Ansauglufttemperaturgeber, Geber für Gaspedalstellung, Geber 2 für Gaspedalstellung,	997
Motorsteuergerät
10. Motordrehzahlgeber, Hallgeber, Kühlmitteltemperaturgeber, Motorsteuergerät	998
11. Kühlmitteltemperaturgeber am Kühlerausgang, Motorsteuergerät, Ventil für Pumpe/Düse des	999
Zylinders 1, Ventil für Pumpe/Düse des Zylinders 2, Ventil für Pumpe/Düse des Zylinders 3, Ventil
für Pumpe/Düse des Zylinders 4
12. Kraftstofftemperaturgeber, Motorsteuergerät, Motor für Saugrohrklappe	1000
13. Luftmassenmesser, Motorsteuergerät, Magnetventil für Ladedruckbegrenzung, Magnetventil für	1001
Ladedruckbegrenzung, Umschaltventil für Kühler der Abgasrückführung
14. Bremslichtschalter, Bremspedalschalter, Kupplungspositionsgeber, Motorsteuergerät	1002
15. Bordnetzsteuergerät, Motorsteuergerät	1003
16. Motorsteuergerät, Sicherungshalter C	1004
17. Multifunktionsanzeige, Diagnose-Interface für Datenbus, Schalttafeleinsatz	1005
18. Kraftstoffvorratsanzeige, Kühlmitteltemperaturanzeige, Geschwindigkeitsmesser,	1006
Schalttafeleinsatz, Kontrollleuchte für Vorglühzeit, Kontrollleuchte für GRA, Fehlerlampe für
elektrische Gaspedalstellung
19. Öldruckschalter, Ölstands- und Öltemperaturgeber, Summer und Gong, Schalttafeleinsatz,	1007
Kontrollleuchte für Öldruck, Kontrollleuchte für Ölstand
106 - 1,9-l-Dieselmotor , BLS	1008-1027
1. 1,9-l-Dieselmotor , BLS	1008
2. Batterie, Anlasser, Drehstromgenerator, Bordnetzsteuergerät	1009
3. Zündeinsatzschalter, Schalter für GRA, SET-Taster für GRA, Bordnetzsteuergerät, Steuergerät für	1010
Lenksäulenelektronik
4. Relais für Spannungsversorgung der Kl. 30, Steuergerät für Lenksäulenelektronik	1011
5. Sicherungshalter B	1012
6. Steuergerät für Glühzeitautomatik, Glühkerze 1, Glühkerze 2, Glühkerze 3, Glühkerze 4	1013
7. Bordnetzsteuergerät, Kraftstoffpumpe für Vorförderung, Kraftstoffpumpe für Vorförderung 2,	1014
Kraftstoffpumpenrelais, Relais für Spannungsversorgung, Kl. 50
8. Motorsteuergerät	1015
9. Kraftstoffgeber, Ansauglufttemperaturgeber, Geber für Gaspedalstellung,	1016
Motorsteuergerät, Heizwiderstand für Kurbelgehäuseentlüftung
10. Motordrehzahlgeber, Hallgeber, Kühlmitteltemperaturgeber, Kraftstofftemperaturgeber,	1017
Motorsteuergerät
11. Kühlmitteltemperaturgeber am Kühlerausgang, Motorsteuergerät, Ventil für Pumpe/Düse des	1018
Zylinders 1, Ventil für Pumpe/Düse des Zylinders 2, Ventil für Pumpe/Düse des Zylinders 3, Ventil
für Pumpe/Düse des Zylinders 4
12. Luftmassenmesser, Motorsteuergerät, Magnetventil für Ladedruckbegrenzung, Umschaltventil für	1019
Kühler der Abgasrückführung
13. Bremslichtschalter, Bremspedalschalter, Kupplungspositionsgeber, Motorsteuergerät	1020
14. Lambdasonde, Abgastemperaturgeber 1, Abgastemperaturgeber 2, Motorsteuergerät	1021
15. Potentiometer für Abgasrückführung, Potentiometer für Saugrohrklappe, Motorsteuergerät,	1022
Abgasrückführungsventil, Motor für Saugrohrklappe
16. Druckssensor 1 für Abgas, Temperaturgeber nach Partikelfilter, Motorsteuergerät	1023
17. Bordnetzsteuergerät, Diagnose-Interface für Datenbus, Motorsteuergerät	1024
18. Multifunktionsanzeige, Bordnetzsteuergerät, Multifunktionsanzeige, Steuergerät im Schalttafeleinsatz,	1025
Diagnose-Interface für Datenbus
19. Kraftstoffvorratsanzeige, Kühlmitteltemperaturanzeige, Kühlmitteltemperaturanzeige, Geber für	1026
Kühlmitteltemperaturanzeige, Summer und Gong, Steuergerät im Schalttafeleinsatz
20. Ölstands- und Öltemperaturgeber, Steuergerät im Schalttafeleinsatz, Kontrollleuchte für	1027
Öldruck, Kontrollleuchte für GRA, Kontrollleuchte für Ölstand, Fehlerlampe für elektrische Gaspedalstellung
107 - 1,9-l-Dieselmotor , BLS	1028-1047
